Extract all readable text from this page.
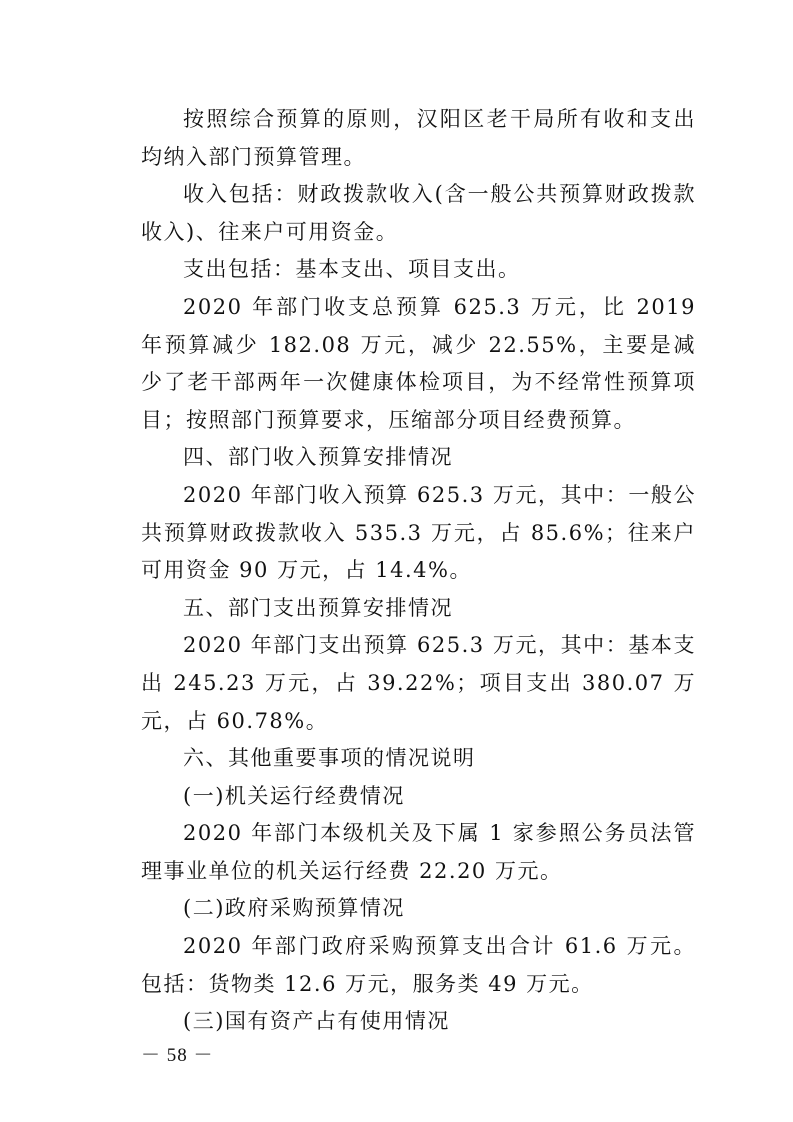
按照综合预算的原则，汉阳区老干局所有收和支出均纳入部门预算管理。

收入包括：财政拨款收入(含一般公共预算财政拨款收入)、往来户可用资金。

支出包括：基本支出、项目支出。

2020 年部门收支总预算 625.3 万元，比 2019 年预算减少 182.08 万元，减少 22.55%，主要是减少了老干部两年一次健康体检项目，为不经常性预算项目；按照部门预算要求，压缩部分项目经费预算。

四、部门收入预算安排情况

2020 年部门收入预算 625.3 万元，其中：一般公共预算财政拨款收入 535.3 万元，占 85.6%；往来户可用资金 90 万元，占 14.4%。

五、部门支出预算安排情况

2020 年部门支出预算 625.3 万元，其中：基本支出 245.23 万元，占 39.22%；项目支出 380.07 万元，占 60.78%。

六、其他重要事项的情况说明

(一)机关运行经费情况

2020 年部门本级机关及下属 1 家参照公务员法管理事业单位的机关运行经费 22.20 万元。

(二)政府采购预算情况

2020 年部门政府采购预算支出合计 61.6 万元。包括：货物类 12.6 万元，服务类 49 万元。

(三)国有资产占有使用情况

－ 58 －
